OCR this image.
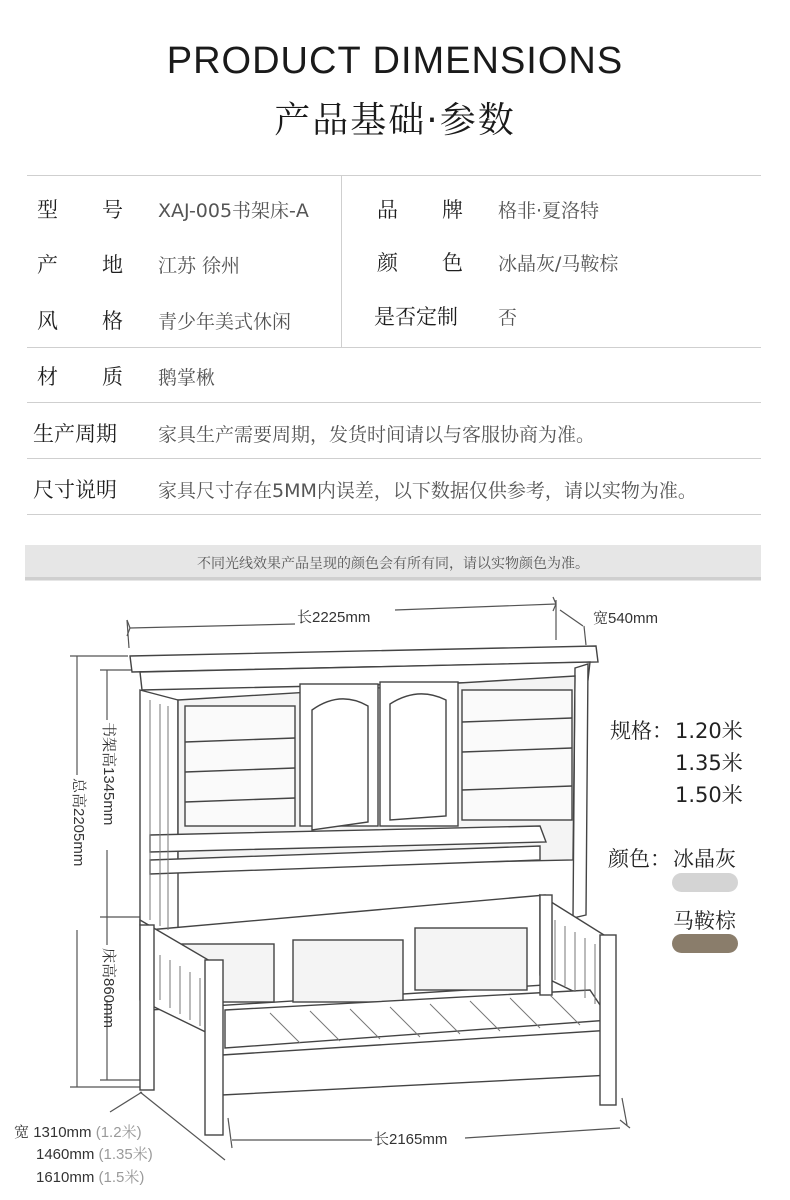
PRODUCT DIMENSIONS
产品基础·参数
型号 XAJ-005书架床-A	品牌 格非·夏洛特
产地 江苏 徐州	颜色 冰晶灰/马鞍棕
风格 青少年美式休闲	是否定制 否
材质 鹅掌楸
生产周期 家具生产需要周期，发货时间请以与客服协商为准。
尺寸说明 家具尺寸存在5MM内误差，以下数据仅供参考，请以实物为准。
不同光线效果产品呈现的颜色会有所有同，请以实物颜色为准。
长2225mm	宽540mm
书架高1345mm
总高2205mm
床高860mm
长2165mm
宽 1310mm (1.2米)
1460mm (1.35米)
1610mm (1.5米)
规格： 1.20米
1.35米
1.50米
颜色： 冰晶灰
马鞍棕
